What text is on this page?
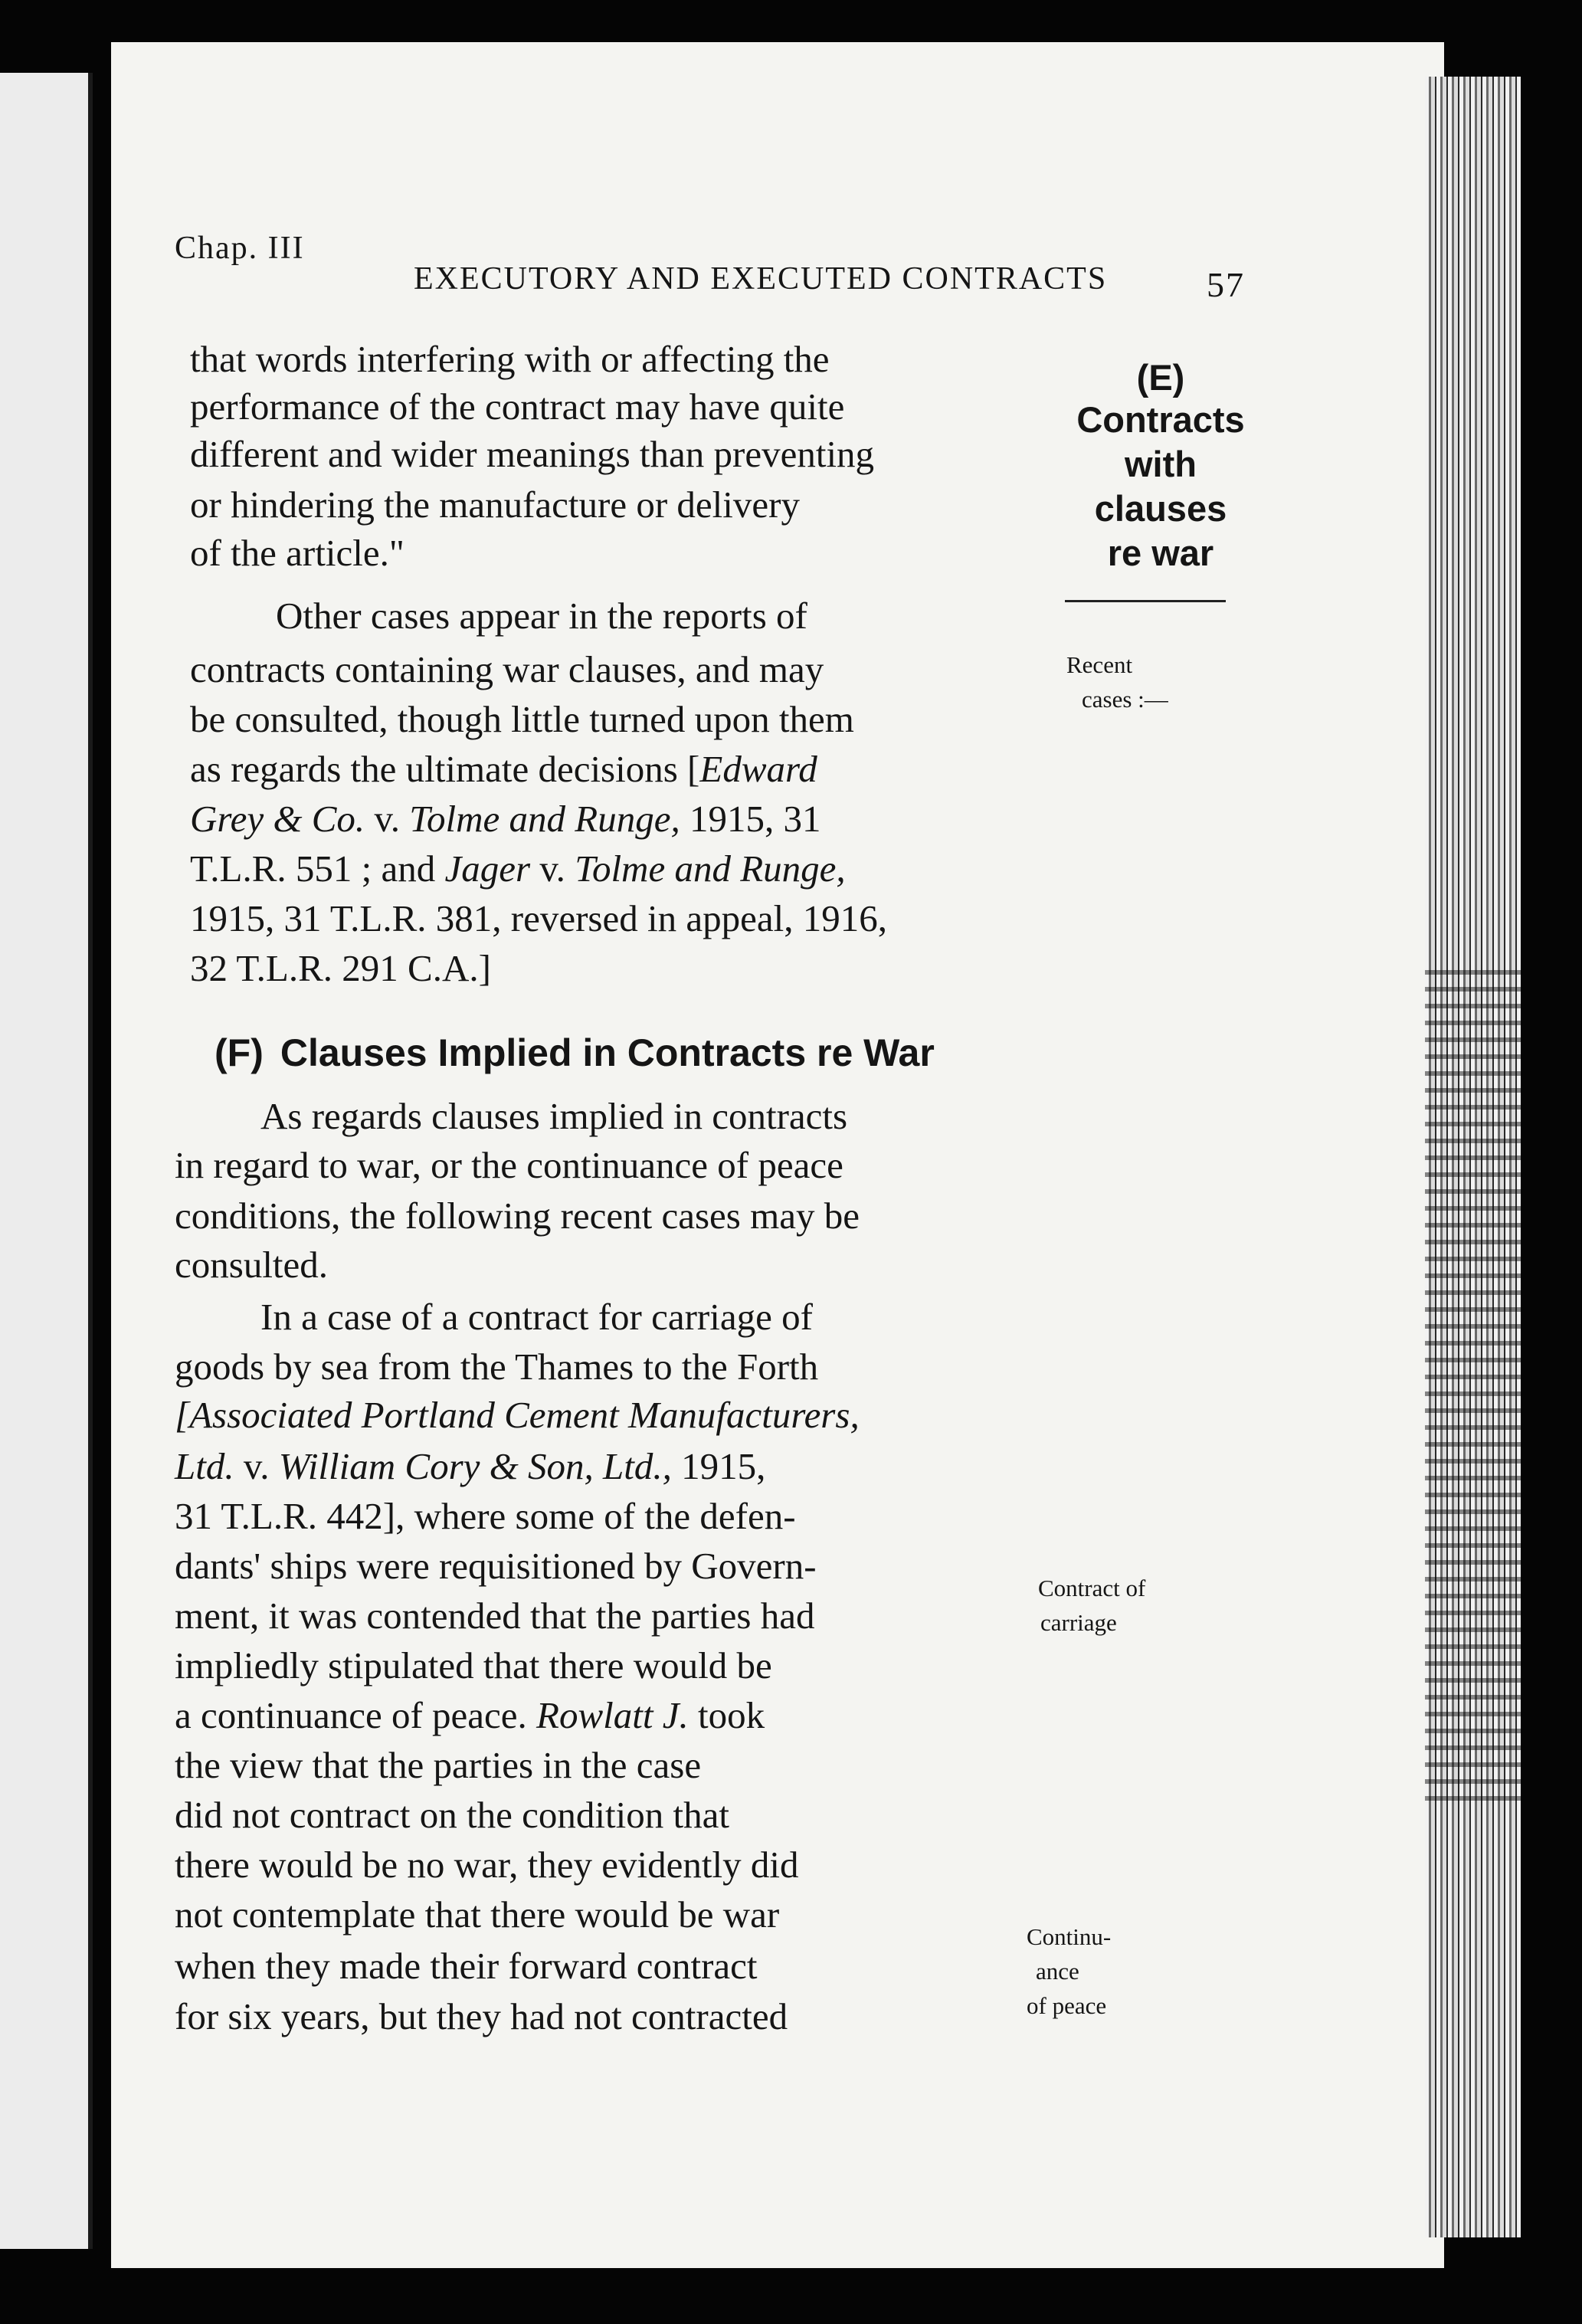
Chap. III
EXECUTORY AND EXECUTED CONTRACTS	57

that words interfering with or affecting the

performance of the contract may have quite

different and wider meanings than preventing

or hindering the manufacture or delivery

of the article."

(E)

Contracts

with

clauses

re war

Other cases appear in the reports of

contracts containing war clauses, and may

be consulted, though little turned upon them

as regards the ultimate decisions [Edward

Grey & Co. v. Tolme and Runge, 1915, 31

T.L.R. 551 ; and Jager v. Tolme and Runge,

1915, 31 T.L.R. 381, reversed in appeal, 1916,

32 T.L.R. 291 C.A.]

Recent

cases :—

(F) Clauses Implied in Contracts re War

As regards clauses implied in contracts

in regard to war, or the continuance of peace

conditions, the following recent cases may be

consulted.

In a case of a contract for carriage of

goods by sea from the Thames to the Forth

[Associated Portland Cement Manufacturers,

Ltd. v. William Cory & Son, Ltd., 1915,

31 T.L.R. 442], where some of the defen-

dants' ships were requisitioned by Govern-

ment, it was contended that the parties had

impliedly stipulated that there would be

a continuance of peace. Rowlatt J. took

the view that the parties in the case

did not contract on the condition that

there would be no war, they evidently did

not contemplate that there would be war

when they made their forward contract

for six years, but they had not contracted

Contract of

carriage

Continu-

ance

of peace
